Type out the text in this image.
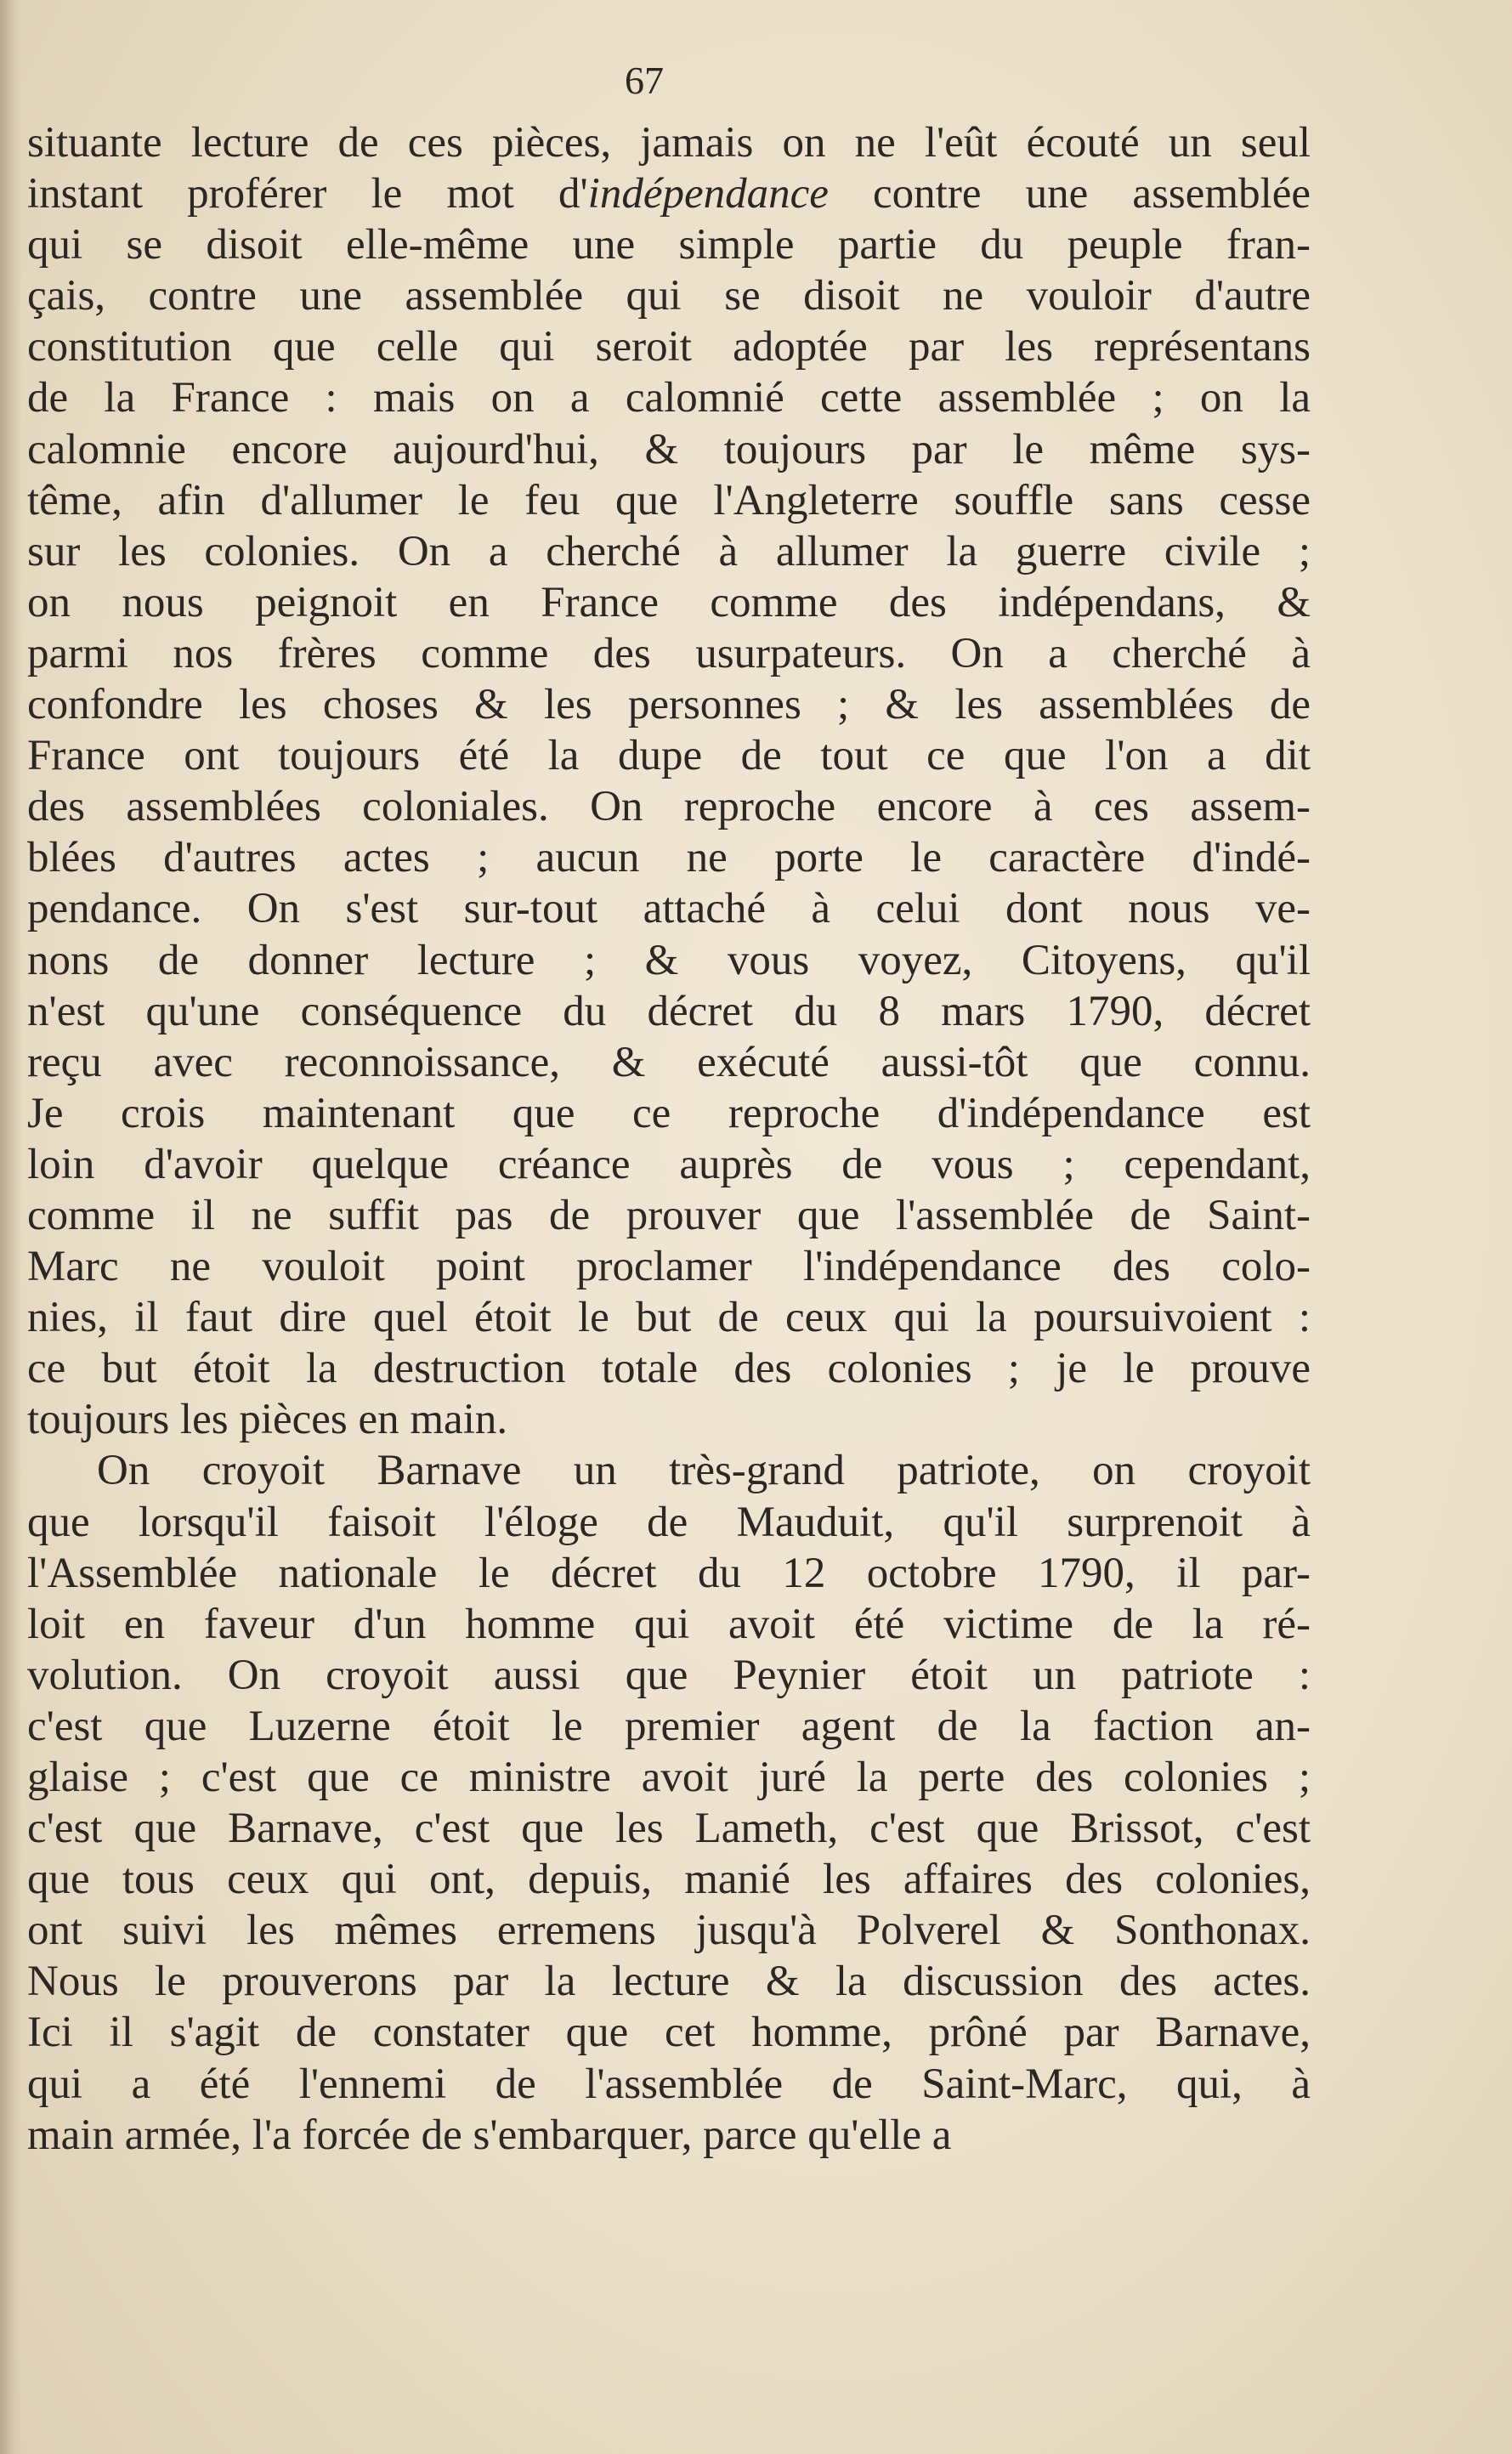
67
situante lecture de ces pièces, jamais on ne l'eût écouté un seul
instant proférer le mot d'indépendance contre une assemblée
qui se disoit elle-même une simple partie du peuple fran-
çais, contre une assemblée qui se disoit ne vouloir d'autre
constitution que celle qui seroit adoptée par les représentans
de la France : mais on a calomnié cette assemblée ; on la
calomnie encore aujourd'hui, & toujours par le même sys-
tême, afin d'allumer le feu que l'Angleterre souffle sans cesse
sur les colonies. On a cherché à allumer la guerre civile ;
on nous peignoit en France comme des indépendans, &
parmi nos frères comme des usurpateurs. On a cherché à
confondre les choses & les personnes ; & les assemblées de
France ont toujours été la dupe de tout ce que l'on a dit
des assemblées coloniales. On reproche encore à ces assem-
blées d'autres actes ; aucun ne porte le caractère d'indé-
pendance. On s'est sur-tout attaché à celui dont nous ve-
nons de donner lecture ; & vous voyez, Citoyens, qu'il
n'est qu'une conséquence du décret du 8 mars 1790, décret
reçu avec reconnoissance, & exécuté aussi-tôt que connu.
Je crois maintenant que ce reproche d'indépendance est
loin d'avoir quelque créance auprès de vous ; cependant,
comme il ne suffit pas de prouver que l'assemblée de Saint-
Marc ne vouloit point proclamer l'indépendance des colo-
nies, il faut dire quel étoit le but de ceux qui la poursuivoient :
ce but étoit la destruction totale des colonies ; je le prouve
toujours les pièces en main.
On croyoit Barnave un très-grand patriote, on croyoit
que lorsqu'il faisoit l'éloge de Mauduit, qu'il surprenoit à
l'Assemblée nationale le décret du 12 octobre 1790, il par-
loit en faveur d'un homme qui avoit été victime de la ré-
volution. On croyoit aussi que Peynier étoit un patriote :
c'est que Luzerne étoit le premier agent de la faction an-
glaise ; c'est que ce ministre avoit juré la perte des colonies ;
c'est que Barnave, c'est que les Lameth, c'est que Brissot, c'est
que tous ceux qui ont, depuis, manié les affaires des colonies,
ont suivi les mêmes erremens jusqu'à Polverel & Sonthonax.
Nous le prouverons par la lecture & la discussion des actes.
Ici il s'agit de constater que cet homme, prôné par Barnave,
qui a été l'ennemi de l'assemblée de Saint-Marc, qui, à
main armée, l'a forcée de s'embarquer, parce qu'elle a
